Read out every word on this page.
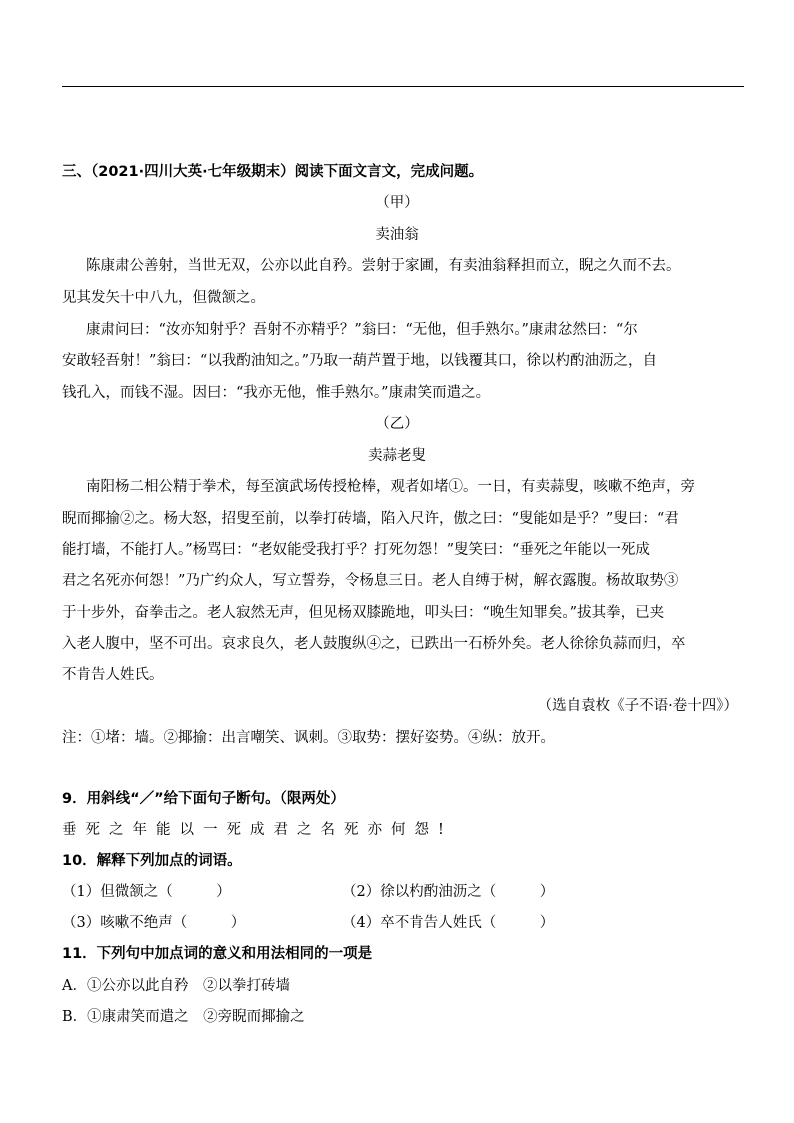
三、（2021·四川大英·七年级期末）阅读下面文言文，完成问题。
（甲）
卖油翁
陈康肃公善射，当世无双，公亦以此自矜。尝射于家圃，有卖油翁释担而立，睨之久而不去。
见其发矢十中八九，但微颔之。
康肃问曰：“汝亦知射乎？吾射不亦精乎？”翁曰：“无他，但手熟尔。”康肃忿然曰：“尔
安敢轻吾射！”翁曰：“以我酌油知之。”乃取一葫芦置于地，以钱覆其口，徐以杓酌油沥之，自
钱孔入，而钱不湿。因曰：“我亦无他，惟手熟尔。”康肃笑而遣之。
（乙）
卖蒜老叟
南阳杨二相公精于拳术，每至演武场传授枪棒，观者如堵①。一日，有卖蒜叟，咳嗽不绝声，旁
睨而揶揄②之。杨大怒，招叟至前，以拳打砖墙，陷入尺许，傲之曰：“叟能如是乎？”叟曰：“君
能打墙，不能打人。”杨骂曰：“老奴能受我打乎？打死勿怨！”叟笑曰：“垂死之年能以一死成
君之名死亦何怨！”乃广约众人，写立誓券，令杨息三日。老人自缚于树，解衣露腹。杨故取势③
于十步外，奋拳击之。老人寂然无声，但见杨双膝跪地，叩头曰：“晚生知罪矣。”拔其拳，已夹
入老人腹中，坚不可出。哀求良久，老人鼓腹纵④之，已跌出一石桥外矣。老人徐徐负蒜而归，卒
不肯告人姓氏。
（选自袁枚《子不语·卷十四》）
注：①堵：墙。②揶揄：出言嘲笑、讽刺。③取势：摆好姿势。④纵：放开。
9．用斜线“／”给下面句子断句。（限两处）
垂死之年能以一死成君之名死亦何怨!
10．解释下列加点的词语。
（1）但微颔之（　　　）	（2）徐以杓酌油沥之（　　　）
（3）咳嗽不绝声（　　　）	（4）卒不肯告人姓氏（　　　）
11．下列句中加点词的意义和用法相同的一项是
A．①公亦以此自矜　②以拳打砖墙
B．①康肃笑而遣之　②旁睨而揶揄之
